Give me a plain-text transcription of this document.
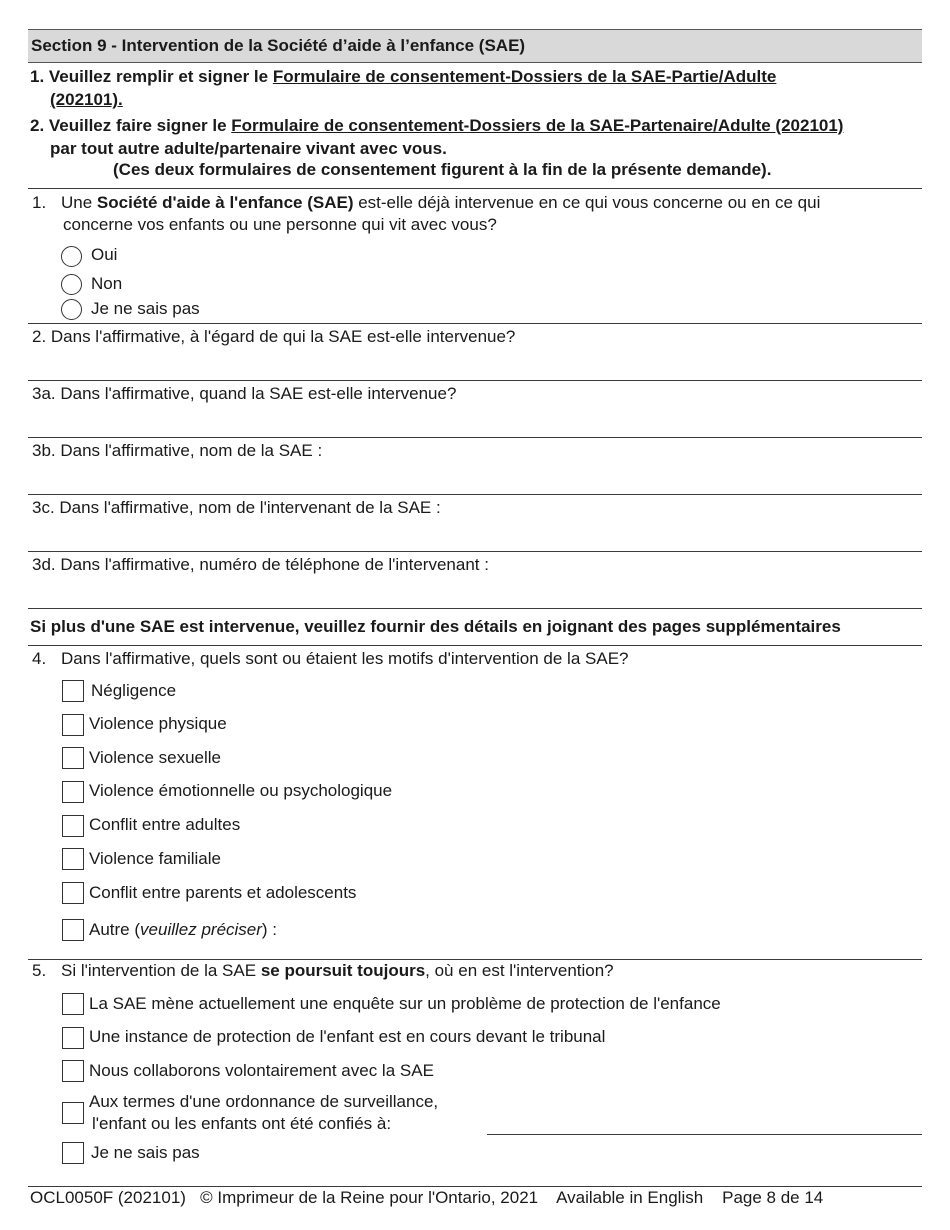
Section 9 - Intervention de la Société d’aide à l’enfance (SAE)
1. Veuillez remplir et signer le Formulaire de consentement-Dossiers de la SAE-Partie/Adulte
(202101).
2. Veuillez faire signer le Formulaire de consentement-Dossiers de la SAE-Partenaire/Adulte (202101)
par tout autre adulte/partenaire vivant avec vous.
(Ces deux formulaires de consentement figurent à la fin de la présente demande).
1. Une Société d'aide à l'enfance (SAE) est-elle déjà intervenue en ce qui vous concerne ou en ce qui
concerne vos enfants ou une personne qui vit avec vous?
Oui
Non
Je ne sais pas
2. Dans l'affirmative, à l'égard de qui la SAE est-elle intervenue?
3a. Dans l'affirmative, quand la SAE est-elle intervenue?
3b. Dans l'affirmative, nom de la SAE :
3c. Dans l'affirmative, nom de l'intervenant de la SAE :
3d. Dans l'affirmative, numéro de téléphone de l'intervenant :
Si plus d'une SAE est intervenue, veuillez fournir des détails en joignant des pages supplémentaires
4. Dans l'affirmative, quels sont ou étaient les motifs d'intervention de la SAE?
Négligence
Violence physique
Violence sexuelle
Violence émotionnelle ou psychologique
Conflit entre adultes
Violence familiale
Conflit entre parents et adolescents
Autre (veuillez préciser) :
5. Si l'intervention de la SAE se poursuit toujours, où en est l'intervention?
La SAE mène actuellement une enquête sur un problème de protection de l'enfance
Une instance de protection de l'enfant est en cours devant le tribunal
Nous collaborons volontairement avec la SAE
Aux termes d'une ordonnance de surveillance,
l'enfant ou les enfants ont été confiés à:
Je ne sais pas
OCL0050F (202101) © Imprimeur de la Reine pour l'Ontario, 2021 Available in English Page 8 de 14
